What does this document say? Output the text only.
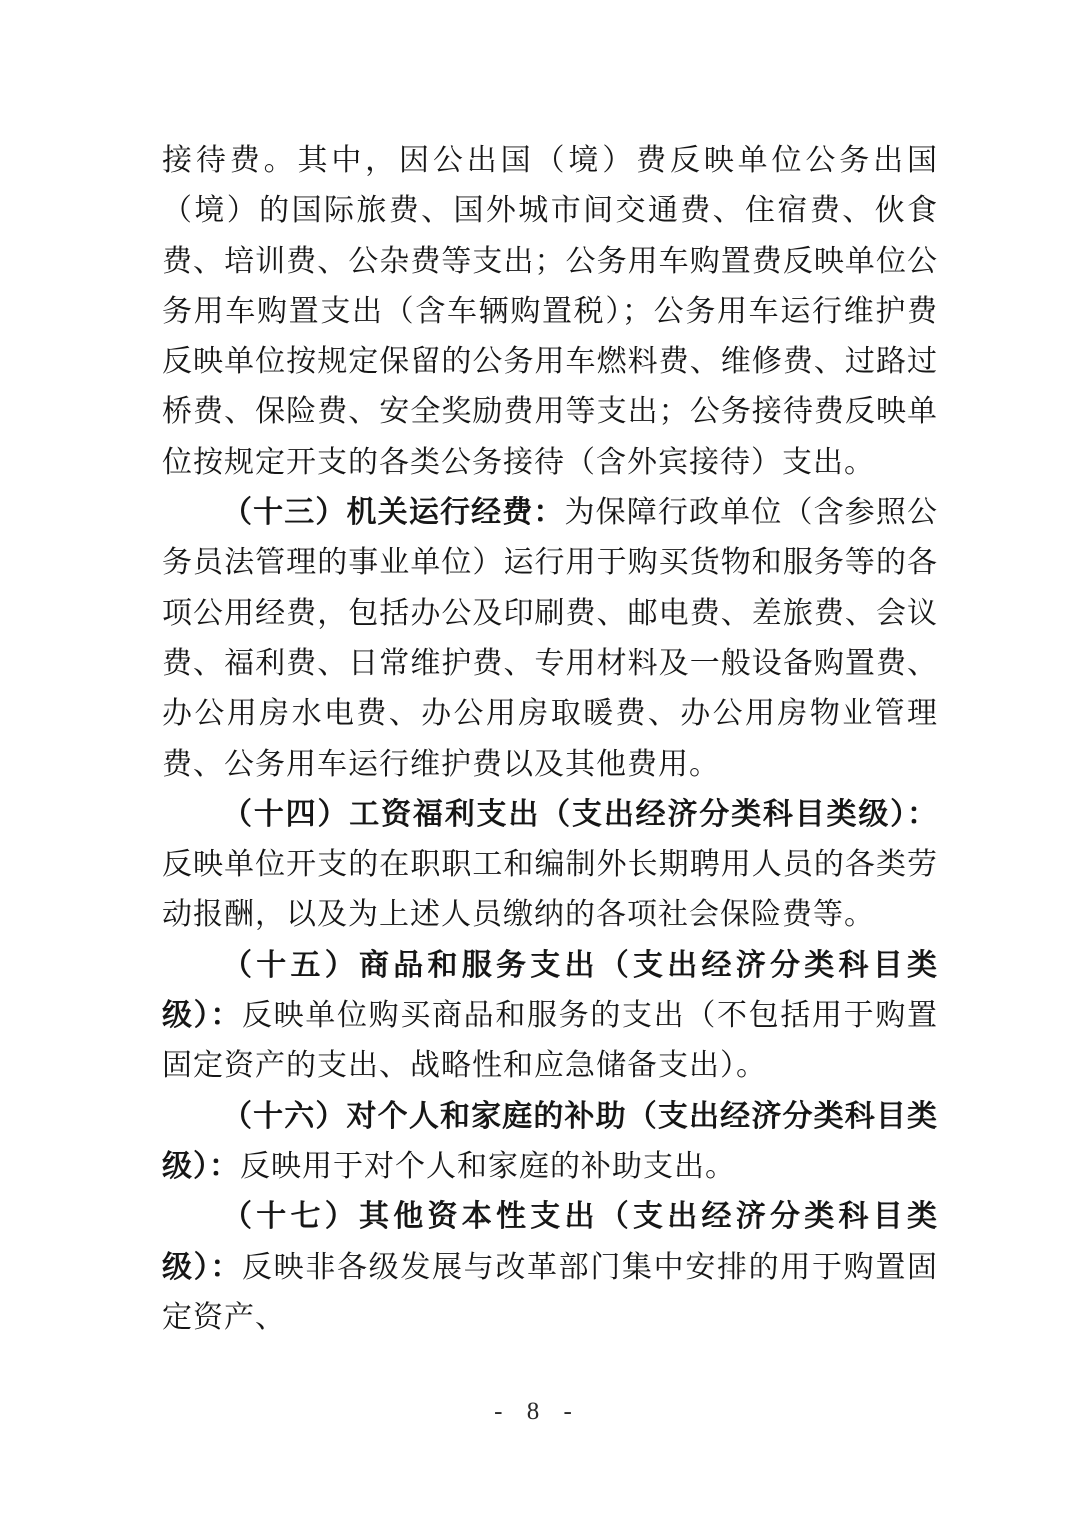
接待费。其中，因公出国（境）费反映单位公务出国（境）的国际旅费、国外城市间交通费、住宿费、伙食费、培训费、公杂费等支出；公务用车购置费反映单位公务用车购置支出（含车辆购置税）；公务用车运行维护费反映单位按规定保留的公务用车燃料费、维修费、过路过桥费、保险费、安全奖励费用等支出；公务接待费反映单位按规定开支的各类公务接待（含外宾接待）支出。

（十三）机关运行经费：为保障行政单位（含参照公务员法管理的事业单位）运行用于购买货物和服务等的各项公用经费，包括办公及印刷费、邮电费、差旅费、会议费、福利费、日常维护费、专用材料及一般设备购置费、办公用房水电费、办公用房取暖费、办公用房物业管理费、公务用车运行维护费以及其他费用。

（十四）工资福利支出（支出经济分类科目类级）：反映单位开支的在职职工和编制外长期聘用人员的各类劳动报酬，以及为上述人员缴纳的各项社会保险费等。

（十五）商品和服务支出（支出经济分类科目类级）：反映单位购买商品和服务的支出（不包括用于购置固定资产的支出、战略性和应急储备支出）。

（十六）对个人和家庭的补助（支出经济分类科目类级）：反映用于对个人和家庭的补助支出。

（十七）其他资本性支出（支出经济分类科目类级）：反映非各级发展与改革部门集中安排的用于购置固定资产、

- 8 -
